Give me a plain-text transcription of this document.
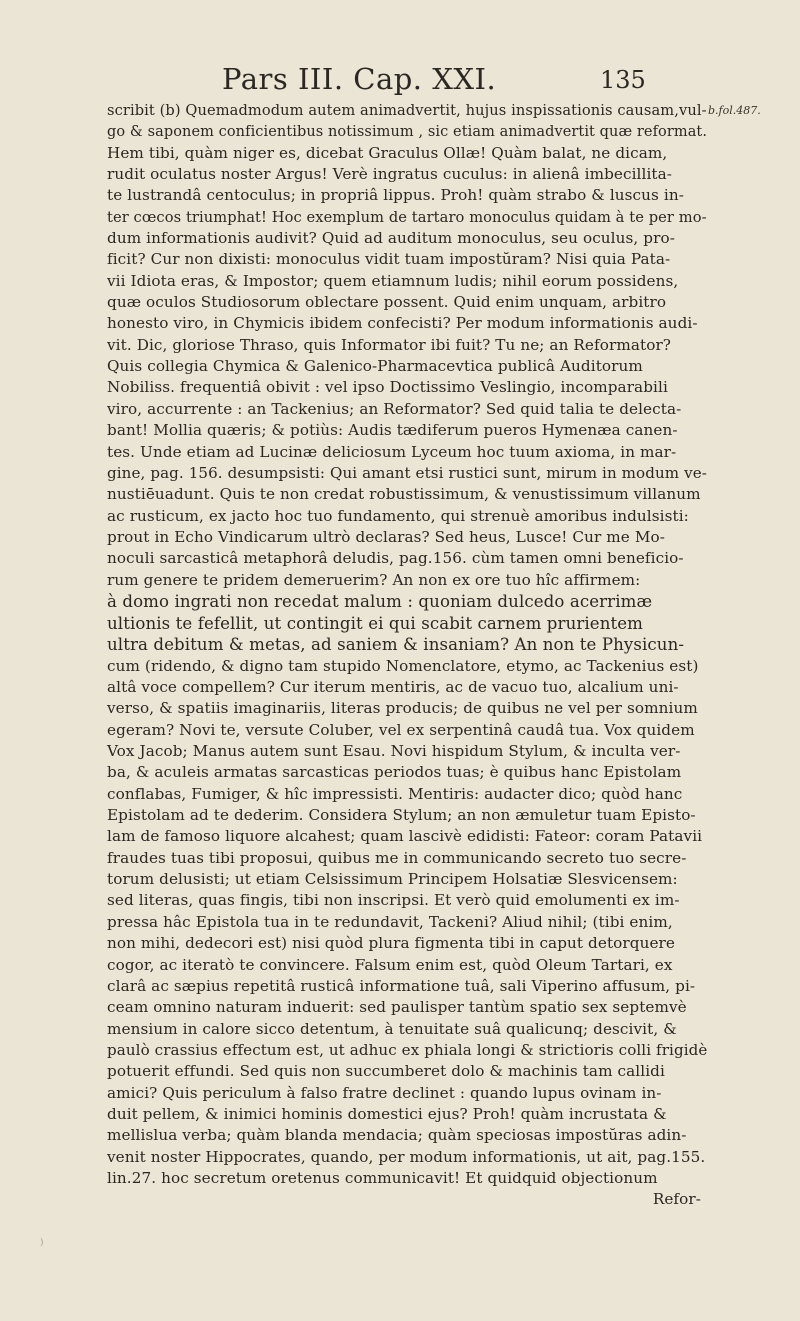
Pars III. Cap. XXI.	135
b.fol.487.
scribit (b) Quemadmodum autem animadvertit, hujus inspissationis causam,vul-
go & saponem conficientibus notissimum , sic etiam animadvertit quæ reformat.
Hem tibi, quàm niger es, dicebat Graculus Ollæ! Quàm balat, ne dicam,
rudit oculatus noster Argus! Verè ingratus cuculus: in alienâ imbecillita-
te lustrandâ centoculus; in propriâ lippus. Proh! quàm strabo & luscus in-
ter cœcos triumphat! Hoc exemplum de tartaro monoculus quidam à te per mo-
dum informationis audivit? Quid ad auditum monoculus, seu oculus, pro-
ficit? Cur non dixisti: monoculus vidit tuam impostŭram? Nisi quia Pata-
vii Idiota eras, & Impostor; quem etiamnum ludis; nihil eorum possidens,
quæ oculos Studiosorum oblectare possent. Quid enim unquam, arbitro
honesto viro, in Chymicis ibidem confecisti? Per modum informationis audi-
vit. Dic, gloriose Thraso, quis Informator ibi fuit? Tu ne; an Reformator?
Quis collegia Chymica & Galenico-Pharmacevtica publicâ Auditorum
Nobiliss. frequentiâ obivit : vel ipso Doctissimo Veslingio, incomparabili
viro, accurrente : an Tackenius; an Reformator? Sed quid talia te delecta-
bant! Mollia quæris; & potiùs: Audis tædiferum pueros Hymenæa canen-
tes. Unde etiam ad Lucinæ deliciosum Lyceum hoc tuum axioma, in mar-
gine, pag. 156. desumpsisti: Qui amant etsi rustici sunt, mirum in modum ve-
nustiēuadunt. Quis te non credat robustissimum, & venustissimum villanum
ac rusticum, ex jacto hoc tuo fundamento, qui strenuè amoribus indulsisti:
prout in Echo Vindicarum ultrò declaras? Sed heus, Lusce! Cur me Mo-
noculi sarcasticâ metaphorâ deludis, pag.156. cùm tamen omni beneficio-
rum genere te pridem demeruerim? An non ex ore tuo hîc affirmem:
à domo ingrati non recedat malum : quoniam dulcedo acerrimæ
ultionis te fefellit, ut contingit ei qui scabit carnem prurientem
ultra debitum & metas, ad saniem & insaniam? An non te Physicun-
cum (ridendo, & digno tam stupido Nomenclatore, etymo, ac Tackenius est)
altâ voce compellem? Cur iterum mentiris, ac de vacuo tuo, alcalium uni-
verso, & spatiis imaginariis, literas producis; de quibus ne vel per somnium
egeram? Novi te, versute Coluber, vel ex serpentinâ caudâ tua. Vox quidem
Vox Jacob; Manus autem sunt Esau. Novi hispidum Stylum, & inculta ver-
ba, & aculeis armatas sarcasticas periodos tuas; è quibus hanc Epistolam
conflabas, Fumiger, & hîc impressisti. Mentiris: audacter dico; quòd hanc
Epistolam ad te dederim. Considera Stylum; an non æmuletur tuam Episto-
lam de famoso liquore alcahest; quam lascivè edidisti: Fateor: coram Patavii
fraudes tuas tibi proposui, quibus me in communicando secreto tuo secre-
torum delusisti; ut etiam Celsissimum Principem Holsatiæ Slesvicensem:
sed literas, quas fingis, tibi non inscripsi. Et verò quid emolumenti ex im-
pressa hâc Epistola tua in te redundavit, Tackeni? Aliud nihil; (tibi enim,
non mihi, dedecori est) nisi quòd plura figmenta tibi in caput detorquere
cogor, ac iteratò te convincere. Falsum enim est, quòd Oleum Tartari, ex
clarâ ac sæpius repetitâ rusticâ informatione tuâ, sali Viperino affusum, pi-
ceam omnino naturam induerit: sed paulisper tantùm spatio sex septemvè
mensium in calore sicco detentum, à tenuitate suâ qualicunq; descivit, &
paulò crassius effectum est, ut adhuc ex phiala longi & strictioris colli frigidè
potuerit effundi. Sed quis non succumberet dolo & machinis tam callidi
amici? Quis periculum à falso fratre declinet : quando lupus ovinam in-
duit pellem, & inimici hominis domestici ejus? Proh! quàm incrustata &
mellislua verba; quàm blanda mendacia; quàm speciosas impostŭras adin-
venit noster Hippocrates, quando, per modum informationis, ut ait, pag.155.
lin.27. hoc secretum oretenus communicavit! Et quidquid objectionum
Refor-
)
